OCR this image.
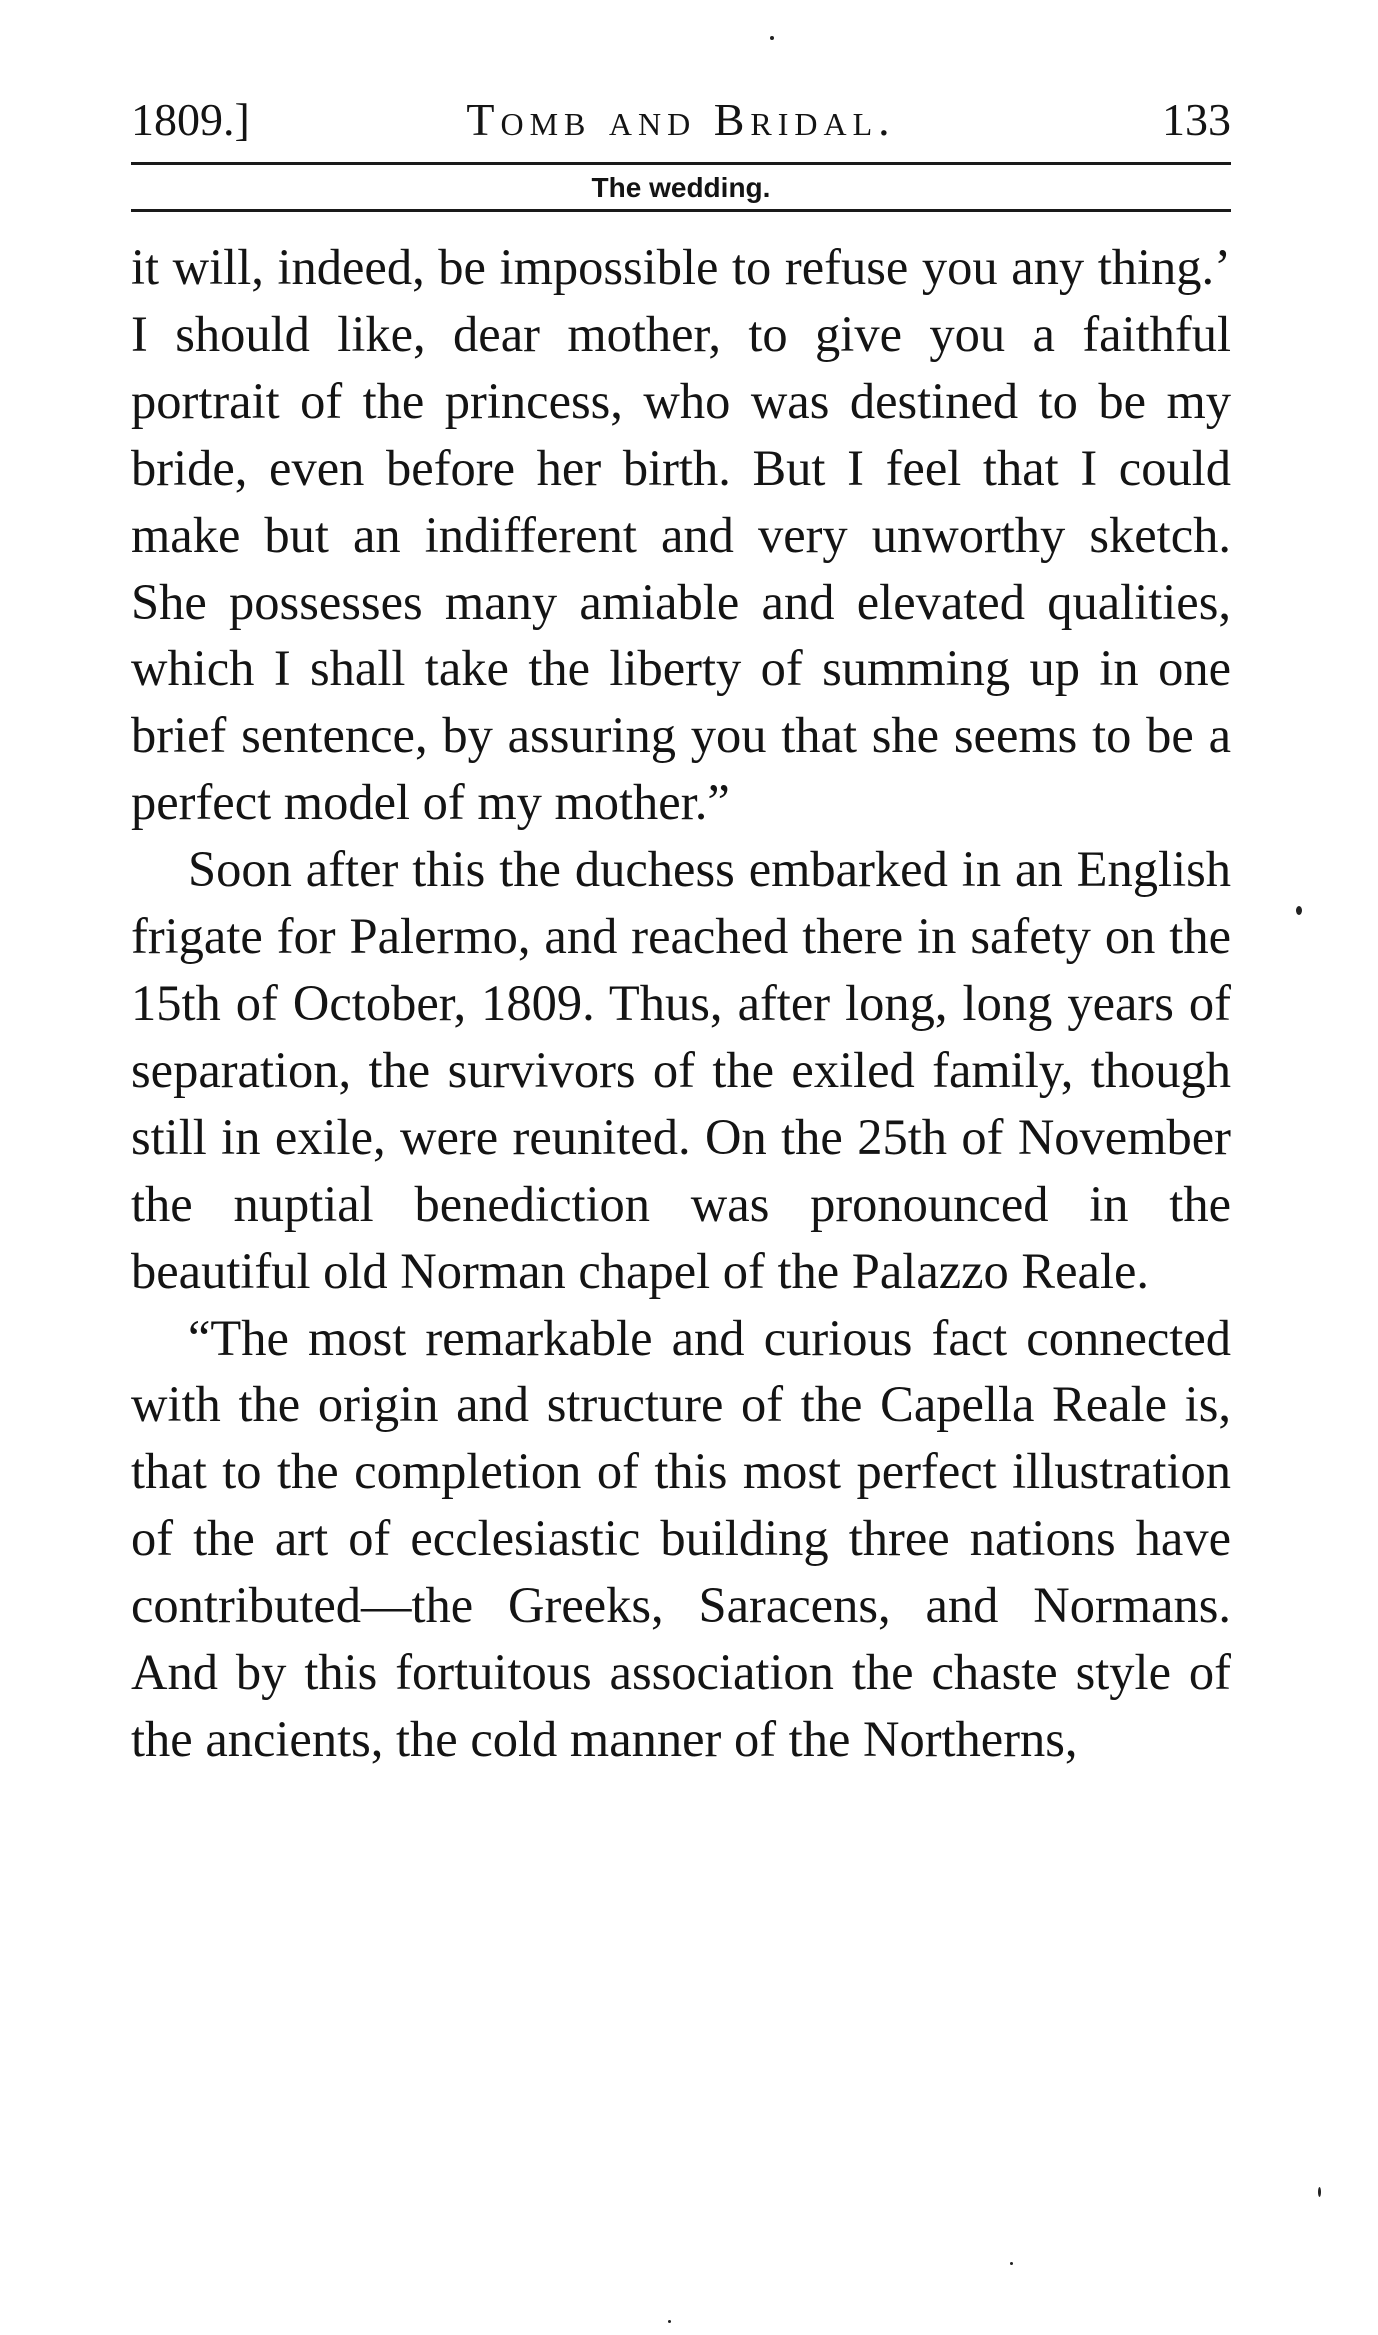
1809.]	Tomb and Bridal.	133
The wedding.

it will, indeed, be impossible to refuse you any thing.’ I should like, dear mother, to give you a faithful portrait of the princess, who was destined to be my bride, even before her birth. But I feel that I could make but an indifferent and very unworthy sketch. She possesses many amiable and elevated qualities, which I shall take the liberty of summing up in one brief sentence, by assuring you that she seems to be a perfect model of my mother.”

Soon after this the duchess embarked in an English frigate for Palermo, and reached there in safety on the 15th of October, 1809. Thus, after long, long years of separation, the survivors of the exiled family, though still in exile, were reunited. On the 25th of November the nuptial benediction was pronounced in the beautiful old Norman chapel of the Palazzo Reale.

“The most remarkable and curious fact connected with the origin and structure of the Capella Reale is, that to the completion of this most perfect illustration of the art of ecclesiastic building three nations have contributed—the Greeks, Saracens, and Normans. And by this fortuitous association the chaste style of the ancients, the cold manner of the Northerns,
